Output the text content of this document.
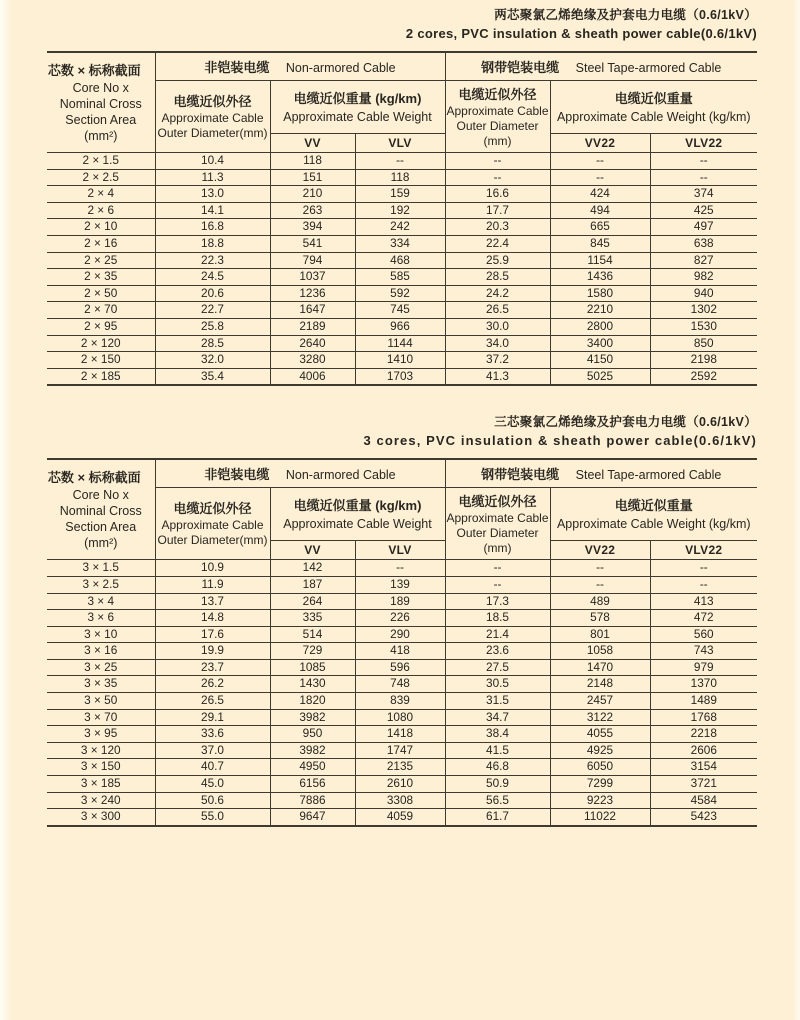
两芯聚氯乙烯绝缘及护套电力电缆（0.6/1kV）
2 cores, PVC insulation & sheath power cable(0.6/1kV)
芯数 × 标称截面
Core No x
Nominal Cross
Section Area
(mm²)	非铠装电缆 Non-armored Cable			钢带铠装电缆 Steel Tape-armored Cable		

	电缆近似外径
Approximate Cable
Outer Diameter(mm)	电缆近似重量 (kg/km)
Approximate Cable Weight		电缆近似外径
Approximate Cable
Outer Diameter
(mm)	电缆近似重量
Approximate Cable Weight (kg/km)	

		VV	VLV		VV22	VLV22
2 × 1.5	10.4	118	--	--	--	--
2 × 2.5	11.3	151	118	--	--	--
2 × 4	13.0	210	159	16.6	424	374
2 × 6	14.1	263	192	17.7	494	425
2 × 10	16.8	394	242	20.3	665	497
2 × 16	18.8	541	334	22.4	845	638
2 × 25	22.3	794	468	25.9	1154	827
2 × 35	24.5	1037	585	28.5	1436	982
2 × 50	20.6	1236	592	24.2	1580	940
2 × 70	22.7	1647	745	26.5	2210	1302
2 × 95	25.8	2189	966	30.0	2800	1530
2 × 120	28.5	2640	1144	34.0	3400	850
2 × 150	32.0	3280	1410	37.2	4150	2198
2 × 185	35.4	4006	1703	41.3	5025	2592
三芯聚氯乙烯绝缘及护套电力电缆（0.6/1kV）
3 cores, PVC insulation & sheath power cable(0.6/1kV)
芯数 × 标称截面
Core No x
Nominal Cross
Section Area
(mm²)	非铠装电缆 Non-armored Cable			钢带铠装电缆 Steel Tape-armored Cable		

	电缆近似外径
Approximate Cable
Outer Diameter(mm)	电缆近似重量 (kg/km)
Approximate Cable Weight		电缆近似外径
Approximate Cable
Outer Diameter
(mm)	电缆近似重量
Approximate Cable Weight (kg/km)	

		VV	VLV		VV22	VLV22
3 × 1.5	10.9	142	--	--	--	--
3 × 2.5	11.9	187	139	--	--	--
3 × 4	13.7	264	189	17.3	489	413
3 × 6	14.8	335	226	18.5	578	472
3 × 10	17.6	514	290	21.4	801	560
3 × 16	19.9	729	418	23.6	1058	743
3 × 25	23.7	1085	596	27.5	1470	979
3 × 35	26.2	1430	748	30.5	2148	1370
3 × 50	26.5	1820	839	31.5	2457	1489
3 × 70	29.1	3982	1080	34.7	3122	1768
3 × 95	33.6	950	1418	38.4	4055	2218
3 × 120	37.0	3982	1747	41.5	4925	2606
3 × 150	40.7	4950	2135	46.8	6050	3154
3 × 185	45.0	6156	2610	50.9	7299	3721
3 × 240	50.6	7886	3308	56.5	9223	4584
3 × 300	55.0	9647	4059	61.7	11022	5423
